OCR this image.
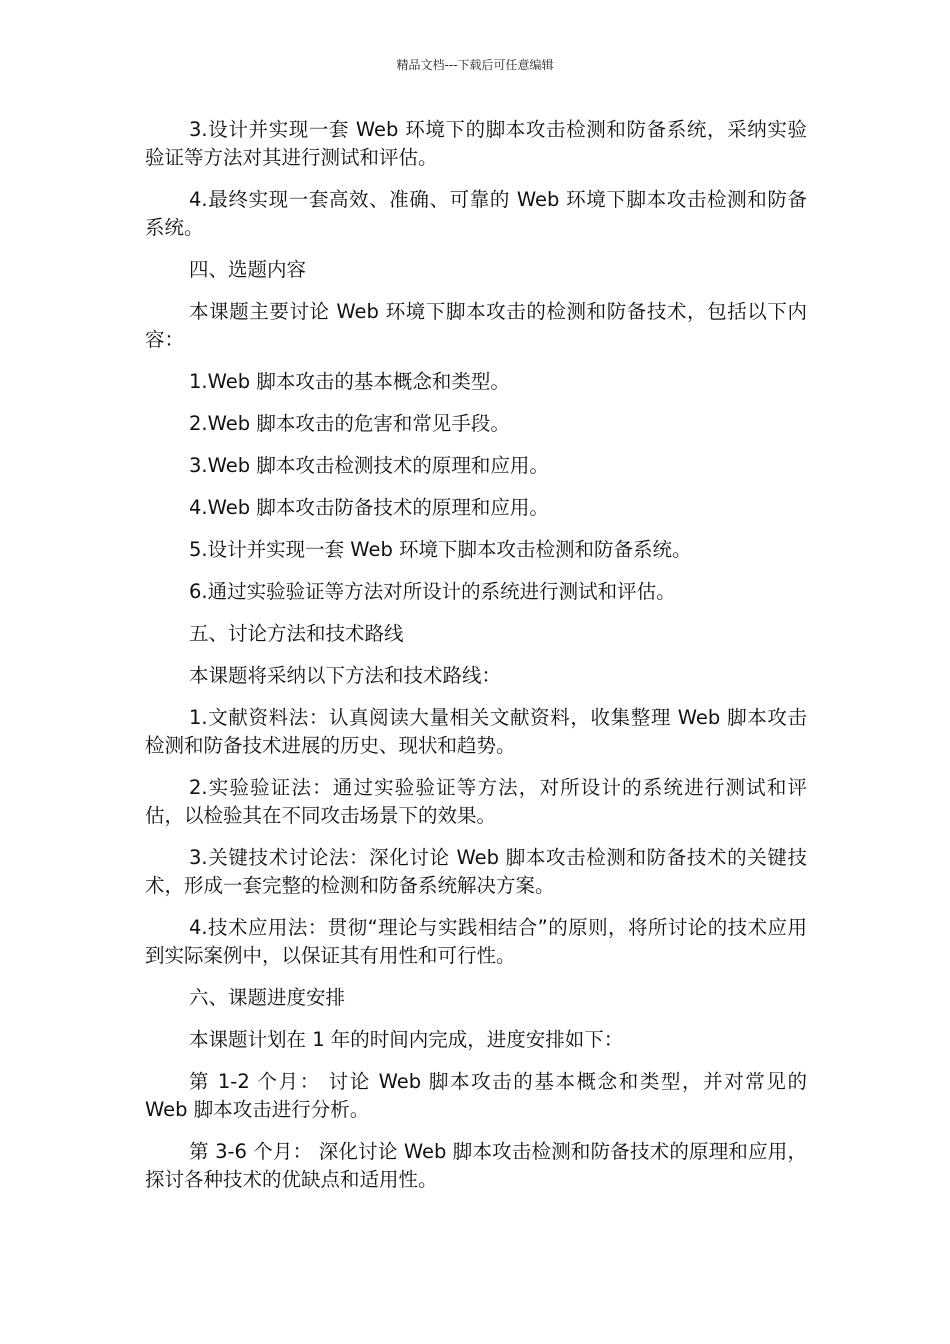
精品文档---下载后可任意编辑

3.设计并实现一套 Web 环境下的脚本攻击检测和防备系统，采纳实验验证等方法对其进行测试和评估。

4.最终实现一套高效、准确、可靠的 Web 环境下脚本攻击检测和防备系统。

四、选题内容

本课题主要讨论 Web 环境下脚本攻击的检测和防备技术，包括以下内容：

1.Web 脚本攻击的基本概念和类型。

2.Web 脚本攻击的危害和常见手段。

3.Web 脚本攻击检测技术的原理和应用。

4.Web 脚本攻击防备技术的原理和应用。

5.设计并实现一套 Web 环境下脚本攻击检测和防备系统。

6.通过实验验证等方法对所设计的系统进行测试和评估。

五、讨论方法和技术路线

本课题将采纳以下方法和技术路线：

1.文献资料法：认真阅读大量相关文献资料，收集整理 Web 脚本攻击检测和防备技术进展的历史、现状和趋势。

2.实验验证法：通过实验验证等方法，对所设计的系统进行测试和评估，以检验其在不同攻击场景下的效果。

3.关键技术讨论法：深化讨论 Web 脚本攻击检测和防备技术的关键技术，形成一套完整的检测和防备系统解决方案。

4.技术应用法：贯彻“理论与实践相结合”的原则，将所讨论的技术应用到实际案例中，以保证其有用性和可行性。

六、课题进度安排

本课题计划在 1 年的时间内完成，进度安排如下：

第 1-2 个月： 讨论 Web 脚本攻击的基本概念和类型，并对常见的 Web 脚本攻击进行分析。

第 3-6 个月： 深化讨论 Web 脚本攻击检测和防备技术的原理和应用，探讨各种技术的优缺点和适用性。
